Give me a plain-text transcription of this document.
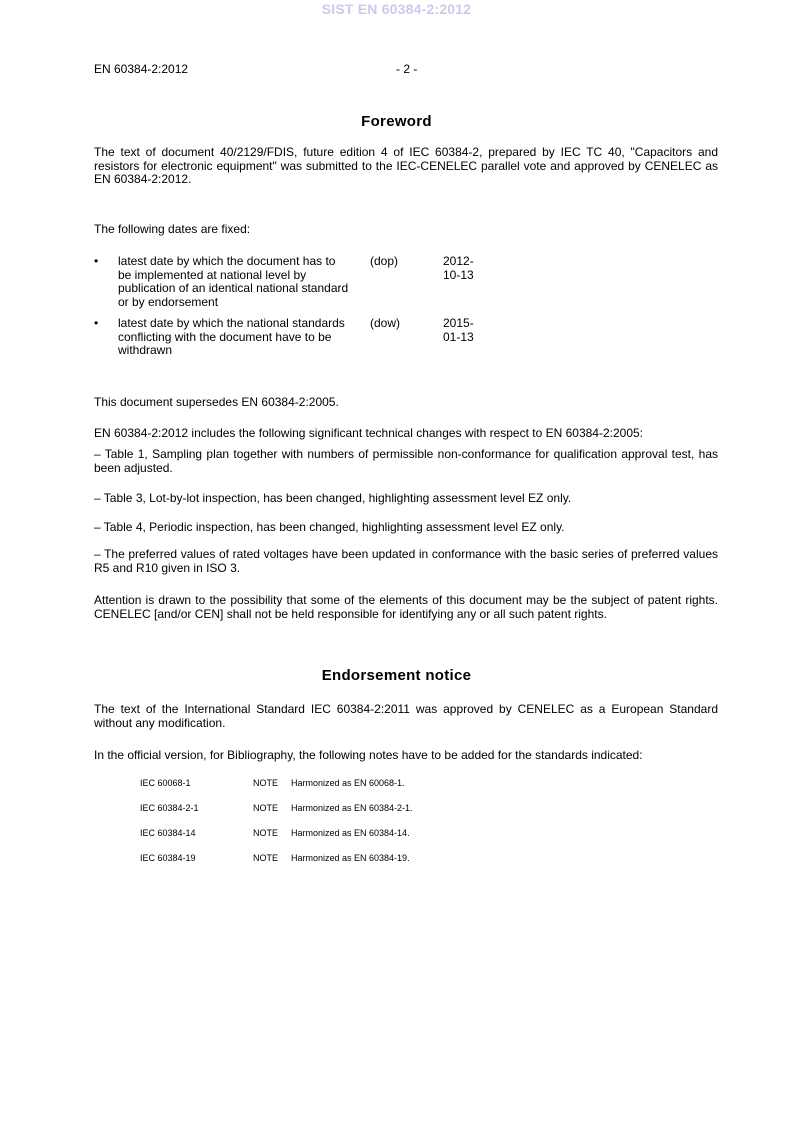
SIST EN 60384-2:2012
EN 60384-2:2012	- 2 -
Foreword

The text of document 40/2129/FDIS, future edition 4 of IEC 60384-2, prepared by IEC TC 40, "Capacitors and resistors for electronic equipment" was submitted to the IEC-CENELEC parallel vote and approved by CENELEC as EN 60384-2:2012.

The following dates are fixed:

• latest date by which the document has to be implemented at national level by publication of an identical national standard or by endorsement
(dop)	2012-10-13
• latest date by which the national standards conflicting with the document have to be withdrawn
(dow)	2015-01-13

This document supersedes EN 60384-2:2005.

EN 60384-2:2012 includes the following significant technical changes with respect to EN 60384-2:2005:

– Table 1, Sampling plan together with numbers of permissible non-conformance for qualification approval test, has been adjusted.

– Table 3, Lot-by-lot inspection, has been changed, highlighting assessment level EZ only.

– Table 4, Periodic inspection, has been changed, highlighting assessment level EZ only.

– The preferred values of rated voltages have been updated in conformance with the basic series of preferred values R5 and R10 given in ISO 3.

Attention is drawn to the possibility that some of the elements of this document may be the subject of patent rights. CENELEC [and/or CEN] shall not be held responsible for identifying any or all such patent rights.

Endorsement notice

The text of the International Standard IEC 60384-2:2011 was approved by CENELEC as a European Standard without any modification.

In the official version, for Bibliography, the following notes have to be added for the standards indicated:

IEC 60068-1	NOTE Harmonized as EN 60068-1.
IEC 60384-2-1	NOTE Harmonized as EN 60384-2-1.
IEC 60384-14	NOTE Harmonized as EN 60384-14.
IEC 60384-19	NOTE Harmonized as EN 60384-19.
